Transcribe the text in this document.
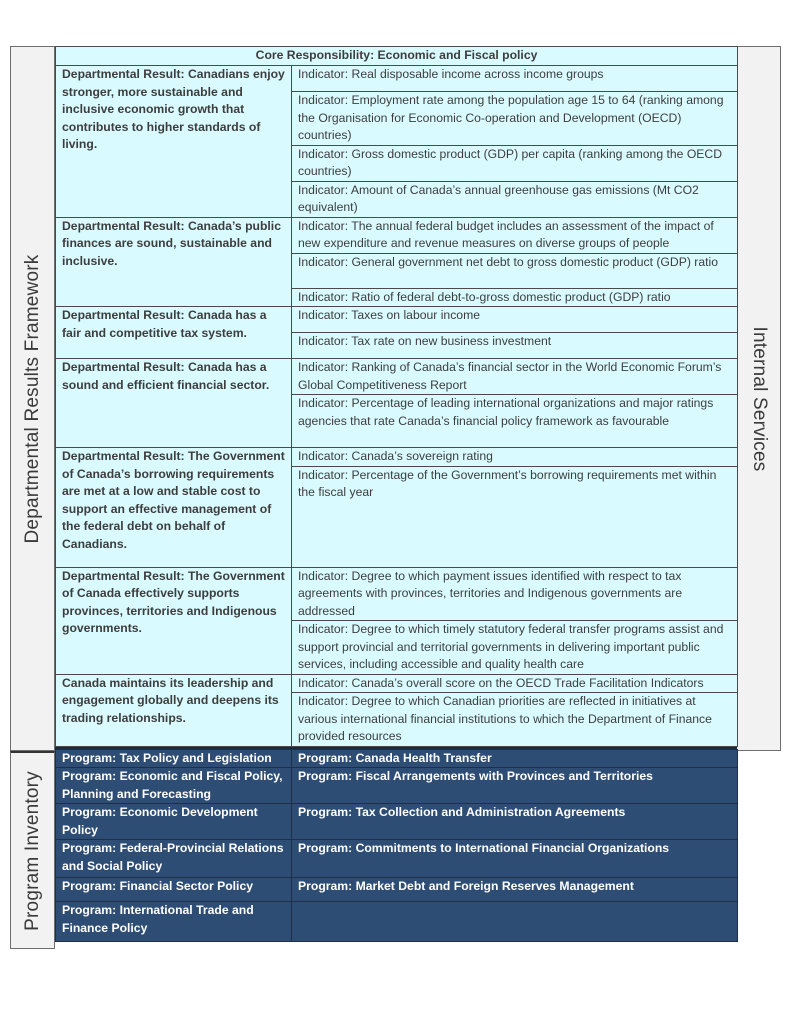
Departmental Results Framework
Program Inventory
Internal Services
Core Responsibility: Economic and Fiscal policy	
Departmental Result: Canadians enjoy stronger, more sustainable and inclusive economic growth that contributes to higher standards of living.	Indicator: Real disposable income across income groups
	Indicator: Employment rate among the population age 15 to 64 (ranking among the Organisation for Economic Co-operation and Development (OECD) countries)
	Indicator: Gross domestic product (GDP) per capita (ranking among the OECD countries)
	Indicator: Amount of Canada’s annual greenhouse gas emissions (Mt CO2 equivalent)
Departmental Result: Canada’s public finances are sound, sustainable and inclusive.	Indicator: The annual federal budget includes an assessment of the impact of new expenditure and revenue measures on diverse groups of people
	Indicator: General government net debt to gross domestic product (GDP) ratio
	Indicator: Ratio of federal debt-to-gross domestic product (GDP) ratio
Departmental Result: Canada has a fair and competitive tax system.	Indicator: Taxes on labour income
	Indicator: Tax rate on new business investment
Departmental Result: Canada has a sound and efficient financial sector.	Indicator: Ranking of Canada’s financial sector in the World Economic Forum’s Global Competitiveness Report
	Indicator: Percentage of leading international organizations and major ratings agencies that rate Canada’s financial policy framework as favourable
Departmental Result: The Government of Canada’s borrowing requirements are met at a low and stable cost to support an effective management of the federal debt on behalf of Canadians.	Indicator: Canada’s sovereign rating
	Indicator: Percentage of the Government’s borrowing requirements met within the fiscal year
Departmental Result: The Government of Canada effectively supports provinces, territories and Indigenous governments.	Indicator: Degree to which payment issues identified with respect to tax agreements with provinces, territories and Indigenous governments are addressed
	Indicator: Degree to which timely statutory federal transfer programs assist and support provincial and territorial governments in delivering important public services, including accessible and quality health care
Canada maintains its leadership and engagement globally and deepens its trading relationships.	Indicator: Canada’s overall score on the OECD Trade Facilitation Indicators
	Indicator: Degree to which Canadian priorities are reflected in initiatives at various international financial institutions to which the Department of Finance provided resources
Program: Tax Policy and Legislation	Program: Canada Health Transfer
Program: Economic and Fiscal Policy, Planning and Forecasting	Program: Fiscal Arrangements with Provinces and Territories
Program: Economic Development Policy	Program: Tax Collection and Administration Agreements
Program: Federal-Provincial Relations and Social Policy	Program: Commitments to International Financial Organizations
Program: Financial Sector Policy	Program: Market Debt and Foreign Reserves Management
Program: International Trade and Finance Policy	
